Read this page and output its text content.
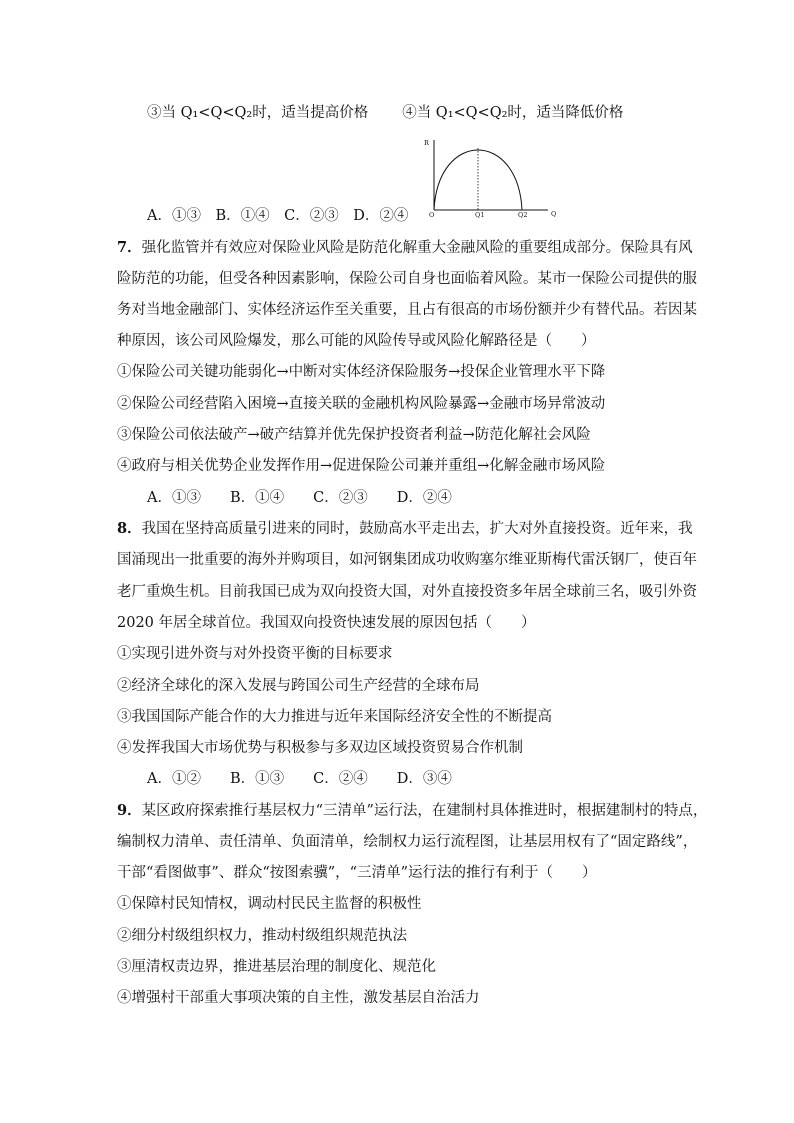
③当 Q₁<Q<Q₂时，适当提高价格 ④当 Q₁<Q<Q₂时，适当降低价格
R
Q
O	Q1	Q2
A．①③　B．①④　C．②③　D．②④
7．强化监管并有效应对保险业风险是防范化解重大金融风险的重要组成部分。保险具有风
险防范的功能，但受各种因素影响，保险公司自身也面临着风险。某市一保险公司提供的服
务对当地金融部门、实体经济运作至关重要，且占有很高的市场份额并少有替代品。若因某
种原因，该公司风险爆发，那么可能的风险传导或风险化解路径是（　　）
①保险公司关键功能弱化→中断对实体经济保险服务→投保企业管理水平下降
②保险公司经营陷入困境→直接关联的金融机构风险暴露→金融市场异常波动
③保险公司依法破产→破产结算并优先保护投资者利益→防范化解社会风险
④政府与相关优势企业发挥作用→促进保险公司兼并重组→化解金融市场风险
A．①③　　B．①④　　C．②③　　D．②④
8．我国在坚持高质量引进来的同时，鼓励高水平走出去，扩大对外直接投资。近年来，我
国涌现出一批重要的海外并购项目，如河钢集团成功收购塞尔维亚斯梅代雷沃钢厂，使百年
老厂重焕生机。目前我国已成为双向投资大国，对外直接投资多年居全球前三名，吸引外资
2020 年居全球首位。我国双向投资快速发展的原因包括（　　）
①实现引进外资与对外投资平衡的目标要求
②经济全球化的深入发展与跨国公司生产经营的全球布局
③我国国际产能合作的大力推进与近年来国际经济安全性的不断提高
④发挥我国大市场优势与积极参与多双边区域投资贸易合作机制
A．①②　　B．①③　　C．②④　　D．③④
9．某区政府探索推行基层权力“三清单”运行法，在建制村具体推进时，根据建制村的特点，
编制权力清单、责任清单、负面清单，绘制权力运行流程图，让基层用权有了“固定路线”，
干部“看图做事”、群众“按图索骥”，“三清单”运行法的推行有利于（　　）
①保障村民知情权，调动村民民主监督的积极性
②细分村级组织权力，推动村级组织规范执法
③厘清权责边界，推进基层治理的制度化、规范化
④增强村干部重大事项决策的自主性，激发基层自治活力
